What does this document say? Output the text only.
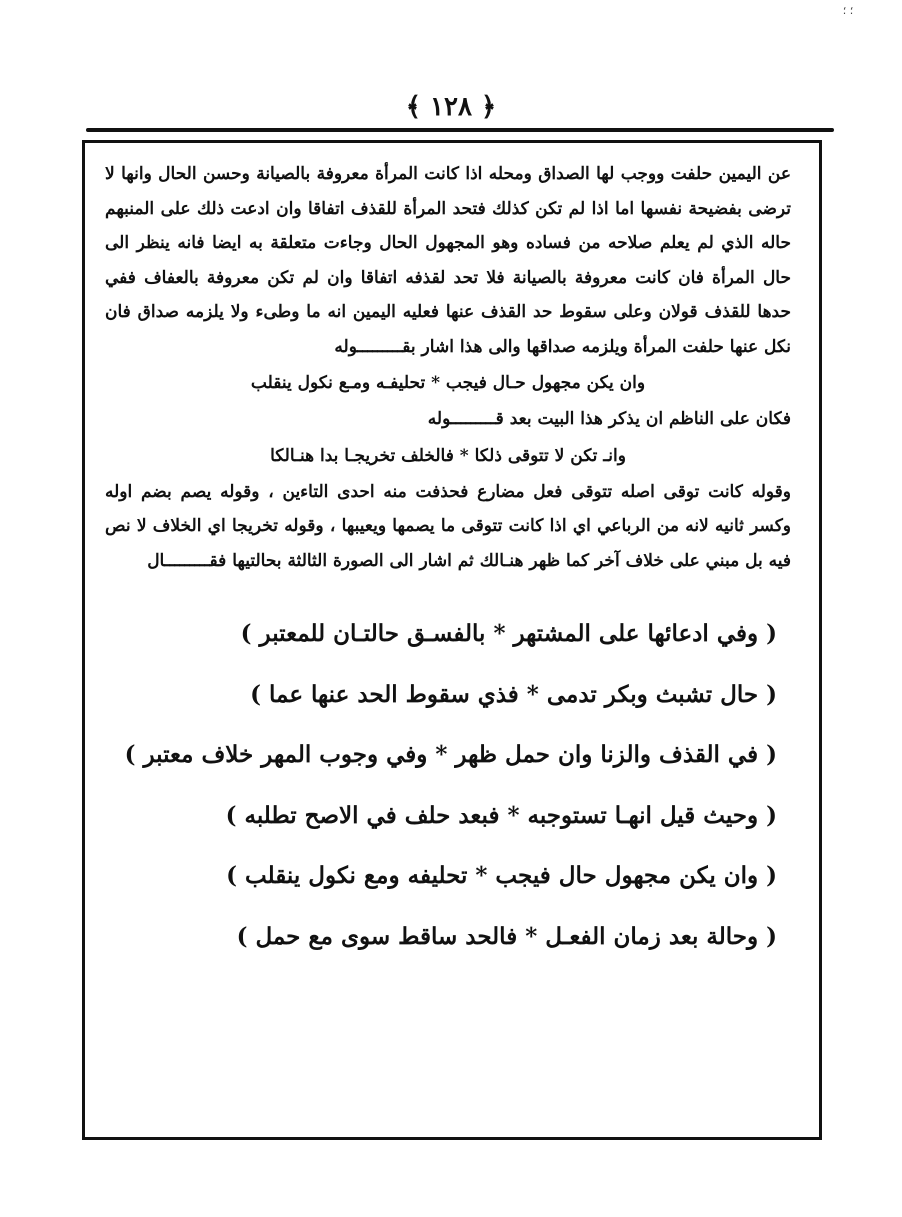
؛ ؛
﴿ ١٢٨ ﴾

عن اليمين حلفت ووجب لها الصداق ومحله اذا كانت المرأة معروفة بالصيانة وحسن الحال وانها لا ترضى بفضيحة نفسها اما اذا لم تكن كذلك فتحد المرأة للقذف اتفاقا وان ادعت ذلك على المنبهم حاله الذي لم يعلم صلاحه من فساده وهو المجهول الحال وجاءت متعلقة به ايضا فانه ينظر الى حال المرأة فان كانت معروفة بالصيانة فلا تحد لقذفه اتفاقا وان لم تكن معروفة بالعفاف ففي حدها للقذف قولان وعلى سقوط حد القذف عنها فعليه اليمين انه ما وطىء ولا يلزمه صداق فان نكل عنها حلفت المرأة ويلزمه صداقها والى هذا اشار بقـــــــــوله

وان يكن مجهول حـال فيجب * تحليفـه ومـع نكول ينقلب

فكان على الناظم ان يذكر هذا البيت بعد قـــــــــوله

وانـ تكن لا تتوقى ذلكا * فالخلف تخريجـا بدا هنـالكا

وقوله كانت توقى اصله تتوقى فعل مضارع فحذفت منه احدى التاءين ، وقوله يصم بضم اوله وكسر ثانيه لانه من الرباعي اي اذا كانت تتوقى ما يصمها ويعيبها ، وقوله تخريجا اي الخلاف لا نص فيه بل مبني على خلاف آخر كما ظهر هنـالك ثم اشار الى الصورة الثالثة بحالتيها فقـــــــــال

( وفي ادعائها على المشتهر * بالفسـق حالتـان للمعتبر )
( حال تشبث وبكر تدمى * فذي سقوط الحد عنها عما )
( في القذف والزنا وان حمل ظهر * وفي وجوب المهر خلاف معتبر )
( وحيث قيل انهـا تستوجبه * فبعد حلف في الاصح تطلبه )
( وان يكن مجهول حال فيجب * تحليفه ومع نكول ينقلب )
( وحالة بعد زمان الفعـل * فالحد ساقط سوى مع حمل )
